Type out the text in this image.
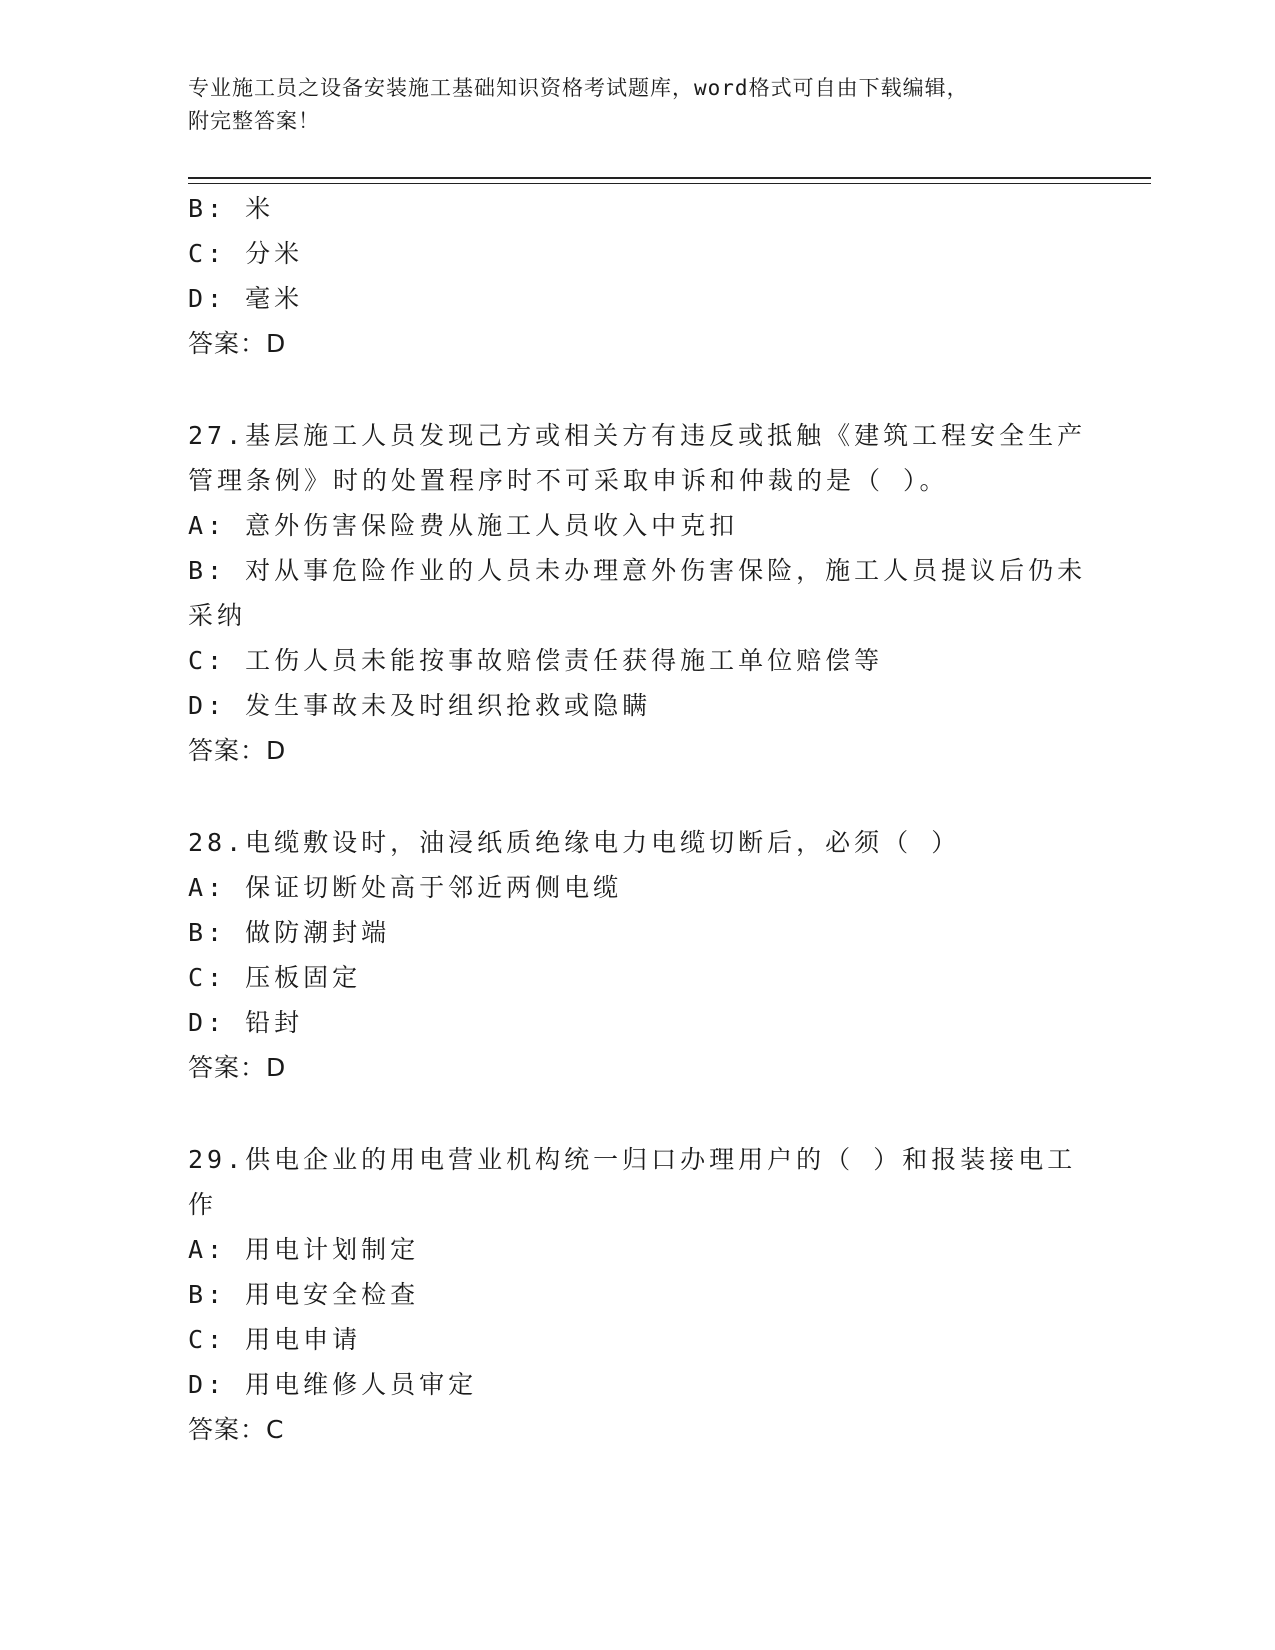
专业施工员之设备安装施工基础知识资格考试题库，word格式可自由下载编辑，
附完整答案！
B: 米
C: 分米
D: 毫米
答案：D
27.基层施工人员发现己方或相关方有违反或抵触《建筑工程安全生产
管理条例》时的处置程序时不可采取申诉和仲裁的是（ ）。
A: 意外伤害保险费从施工人员收入中克扣
B: 对从事危险作业的人员未办理意外伤害保险，施工人员提议后仍未
采纳
C: 工伤人员未能按事故赔偿责任获得施工单位赔偿等
D: 发生事故未及时组织抢救或隐瞒
答案：D
28.电缆敷设时，油浸纸质绝缘电力电缆切断后，必须（ ）
A: 保证切断处高于邻近两侧电缆
B: 做防潮封端
C: 压板固定
D: 铅封
答案：D
29.供电企业的用电营业机构统一归口办理用户的（ ）和报装接电工
作
A: 用电计划制定
B: 用电安全检查
C: 用电申请
D: 用电维修人员审定
答案：C
